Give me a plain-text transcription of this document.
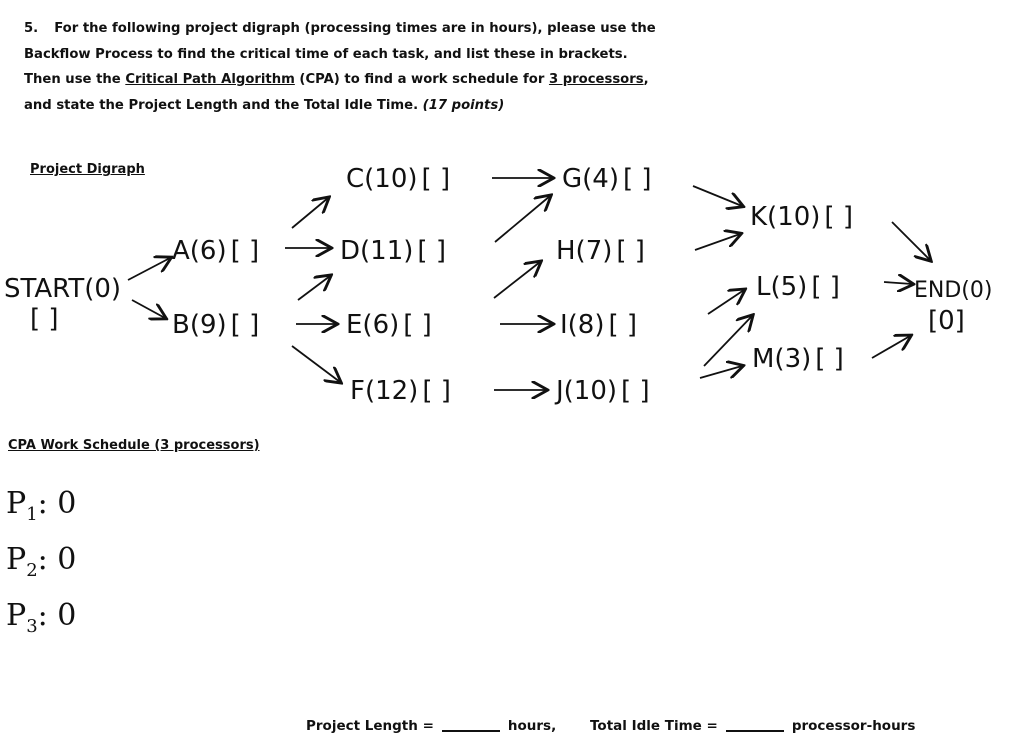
5. For the following project digraph (processing times are in hours), please use the
Backflow Process to find the critical time of each task, and list these in brackets.
Then use the Critical Path Algorithm (CPA) to find a work schedule for 3 processors,
and state the Project Length and the Total Idle Time. (17 points)
Project Digraph
START(0)
[ ]
A(6) [ ]
B(9) [ ]
C(10) [ ]
D(11) [ ]
E(6) [ ]
F(12) [ ]
G(4) [ ]
H(7) [ ]
I(8) [ ]
J(10) [ ]
K(10) [ ]
L(5) [ ]
M(3) [ ]
END(0)
[0]
CPA Work Schedule (3 processors)
$P_1$: 0
$P_2$: 0
$P_3$: 0
Project Length =	hours,	Total Idle Time =	processor-hours
